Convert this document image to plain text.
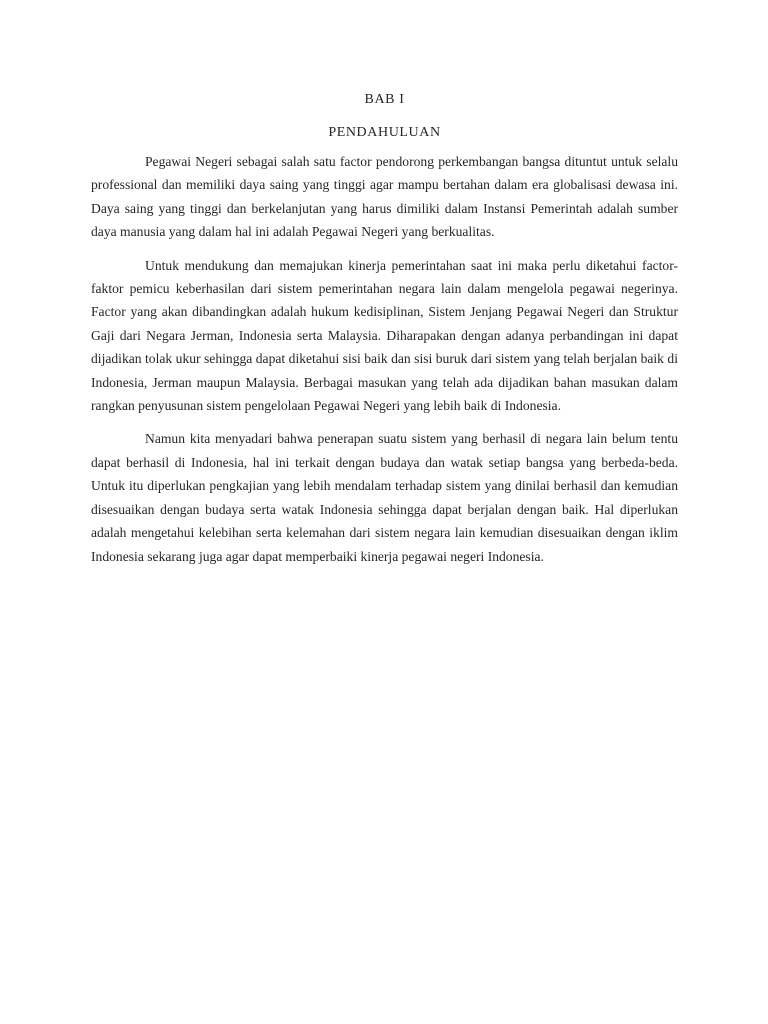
BAB I

PENDAHULUAN

Pegawai Negeri sebagai salah satu factor pendorong perkembangan bangsa dituntut untuk selalu professional dan memiliki daya saing yang tinggi agar mampu bertahan dalam era globalisasi dewasa ini. Daya saing yang tinggi dan berkelanjutan yang harus dimiliki dalam Instansi Pemerintah adalah sumber daya manusia yang dalam hal ini adalah Pegawai Negeri yang berkualitas.

Untuk mendukung dan memajukan kinerja pemerintahan saat ini maka perlu diketahui factor-faktor pemicu keberhasilan dari sistem pemerintahan negara lain dalam mengelola pegawai negerinya. Factor yang akan dibandingkan adalah hukum kedisiplinan, Sistem Jenjang Pegawai Negeri dan Struktur Gaji dari Negara Jerman, Indonesia serta Malaysia. Diharapakan dengan adanya perbandingan ini dapat dijadikan tolak ukur sehingga dapat diketahui sisi baik dan sisi buruk dari sistem yang telah berjalan baik di Indonesia, Jerman maupun Malaysia. Berbagai masukan yang telah ada dijadikan bahan masukan dalam rangkan penyusunan sistem pengelolaan Pegawai Negeri yang lebih baik di Indonesia.

Namun kita menyadari bahwa penerapan suatu sistem yang berhasil di negara lain belum tentu dapat berhasil di Indonesia, hal ini terkait dengan budaya dan watak setiap bangsa yang berbeda-beda. Untuk itu diperlukan pengkajian yang lebih mendalam terhadap sistem yang dinilai berhasil dan kemudian disesuaikan dengan budaya serta watak Indonesia sehingga dapat berjalan dengan baik. Hal diperlukan adalah mengetahui kelebihan serta kelemahan dari sistem negara lain kemudian disesuaikan dengan iklim Indonesia sekarang juga agar dapat memperbaiki kinerja pegawai negeri Indonesia.
